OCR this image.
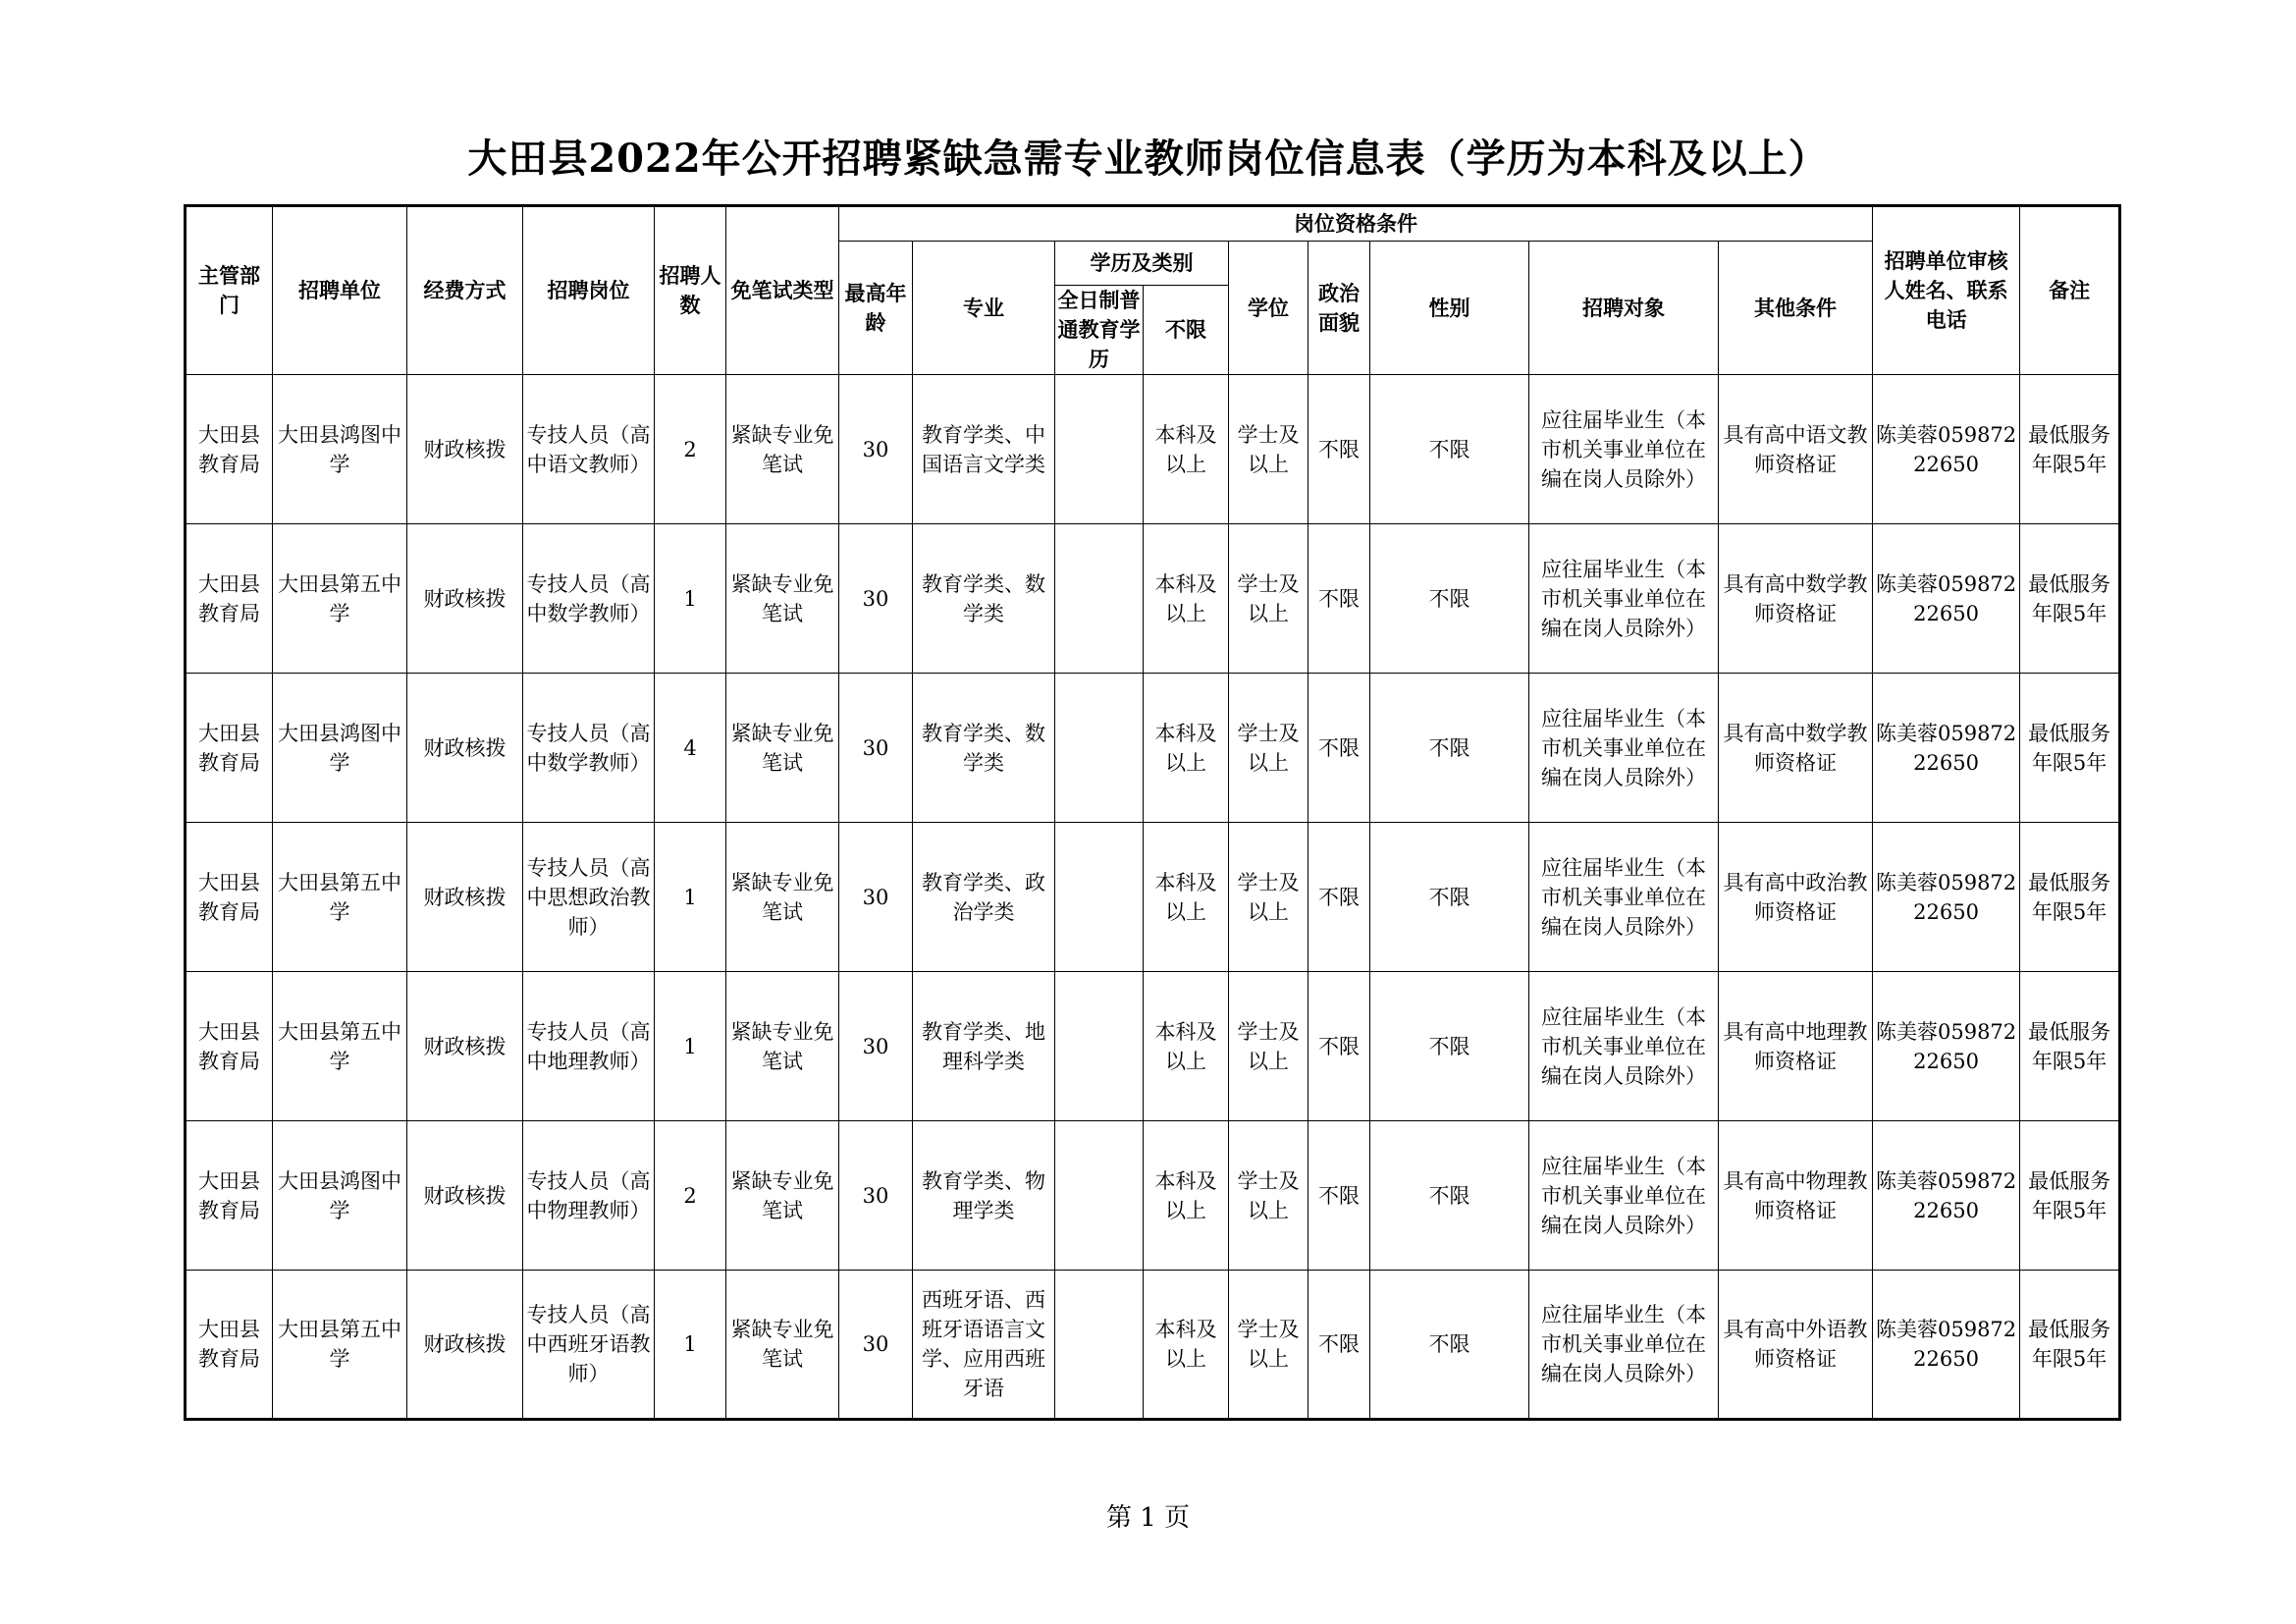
大田县2022年公开招聘紧缺急需专业教师岗位信息表（学历为本科及以上）
主管部门	招聘单位	经费方式	招聘岗位	招聘人数	免笔试类型	岗位资格条件									招聘单位审核人姓名、联系电话	备注
						最高年龄	专业	学历及类别		学位	政治面貌	性别	招聘对象	其他条件		
								全日制普通教育学历	不限							
大田县教育局	大田县鸿图中学	财政核拨	专技人员（高中语文教师）	2	紧缺专业免笔试	30	教育学类、中国语言文学类		本科及以上	学士及以上	不限	不限	应往届毕业生（本市机关事业单位在编在岗人员除外）	具有高中语文教师资格证	陈美蓉05987222650	最低服务年限5年
大田县教育局	大田县第五中学	财政核拨	专技人员（高中数学教师）	1	紧缺专业免笔试	30	教育学类、数学类		本科及以上	学士及以上	不限	不限	应往届毕业生（本市机关事业单位在编在岗人员除外）	具有高中数学教师资格证	陈美蓉05987222650	最低服务年限5年
大田县教育局	大田县鸿图中学	财政核拨	专技人员（高中数学教师）	4	紧缺专业免笔试	30	教育学类、数学类		本科及以上	学士及以上	不限	不限	应往届毕业生（本市机关事业单位在编在岗人员除外）	具有高中数学教师资格证	陈美蓉05987222650	最低服务年限5年
大田县教育局	大田县第五中学	财政核拨	专技人员（高中思想政治教师）	1	紧缺专业免笔试	30	教育学类、政治学类		本科及以上	学士及以上	不限	不限	应往届毕业生（本市机关事业单位在编在岗人员除外）	具有高中政治教师资格证	陈美蓉05987222650	最低服务年限5年
大田县教育局	大田县第五中学	财政核拨	专技人员（高中地理教师）	1	紧缺专业免笔试	30	教育学类、地理科学类		本科及以上	学士及以上	不限	不限	应往届毕业生（本市机关事业单位在编在岗人员除外）	具有高中地理教师资格证	陈美蓉05987222650	最低服务年限5年
大田县教育局	大田县鸿图中学	财政核拨	专技人员（高中物理教师）	2	紧缺专业免笔试	30	教育学类、物理学类		本科及以上	学士及以上	不限	不限	应往届毕业生（本市机关事业单位在编在岗人员除外）	具有高中物理教师资格证	陈美蓉05987222650	最低服务年限5年
大田县教育局	大田县第五中学	财政核拨	专技人员（高中西班牙语教师）	1	紧缺专业免笔试	30	西班牙语、西班牙语语言文学、应用西班牙语		本科及以上	学士及以上	不限	不限	应往届毕业生（本市机关事业单位在编在岗人员除外）	具有高中外语教师资格证	陈美蓉05987222650	最低服务年限5年
第 1 页
